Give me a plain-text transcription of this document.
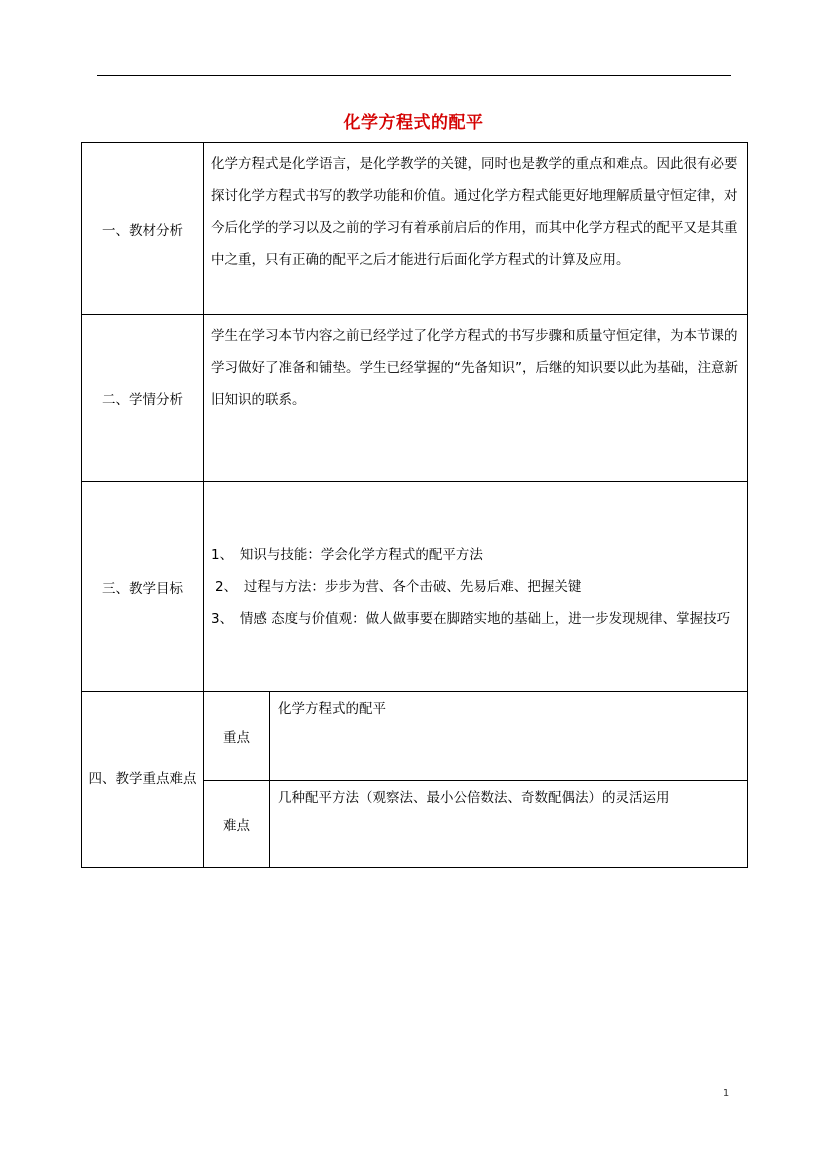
化学方程式的配平
一、教材分析	化学方程式是化学语言，是化学教学的关键，同时也是教学的重点和难点。因此很有必要探讨化学方程式书写的教学功能和价值。通过化学方程式能更好地理解质量守恒定律，对今后化学的学习以及之前的学习有着承前启后的作用，而其中化学方程式的配平又是其重中之重，只有正确的配平之后才能进行后面化学方程式的计算及应用。	
二、学情分析	学生在学习本节内容之前已经学过了化学方程式的书写步骤和质量守恒定律，为本节课的学习做好了准备和铺垫。学生已经掌握的“先备知识”，后继的知识要以此为基础，注意新旧知识的联系。	
三、教学目标	1、　知识与技能：学会化学方程式的配平方法
2、　过程与方法：步步为营、各个击破、先易后难、把握关键
3、　情感 态度与价值观：做人做事要在脚踏实地的基础上，进一步发现规律、掌握技巧	

四、教学重点难点	重点	化学方程式的配平
	难点	几种配平方法（观察法、最小公倍数法、奇数配偶法）的灵活运用
1
